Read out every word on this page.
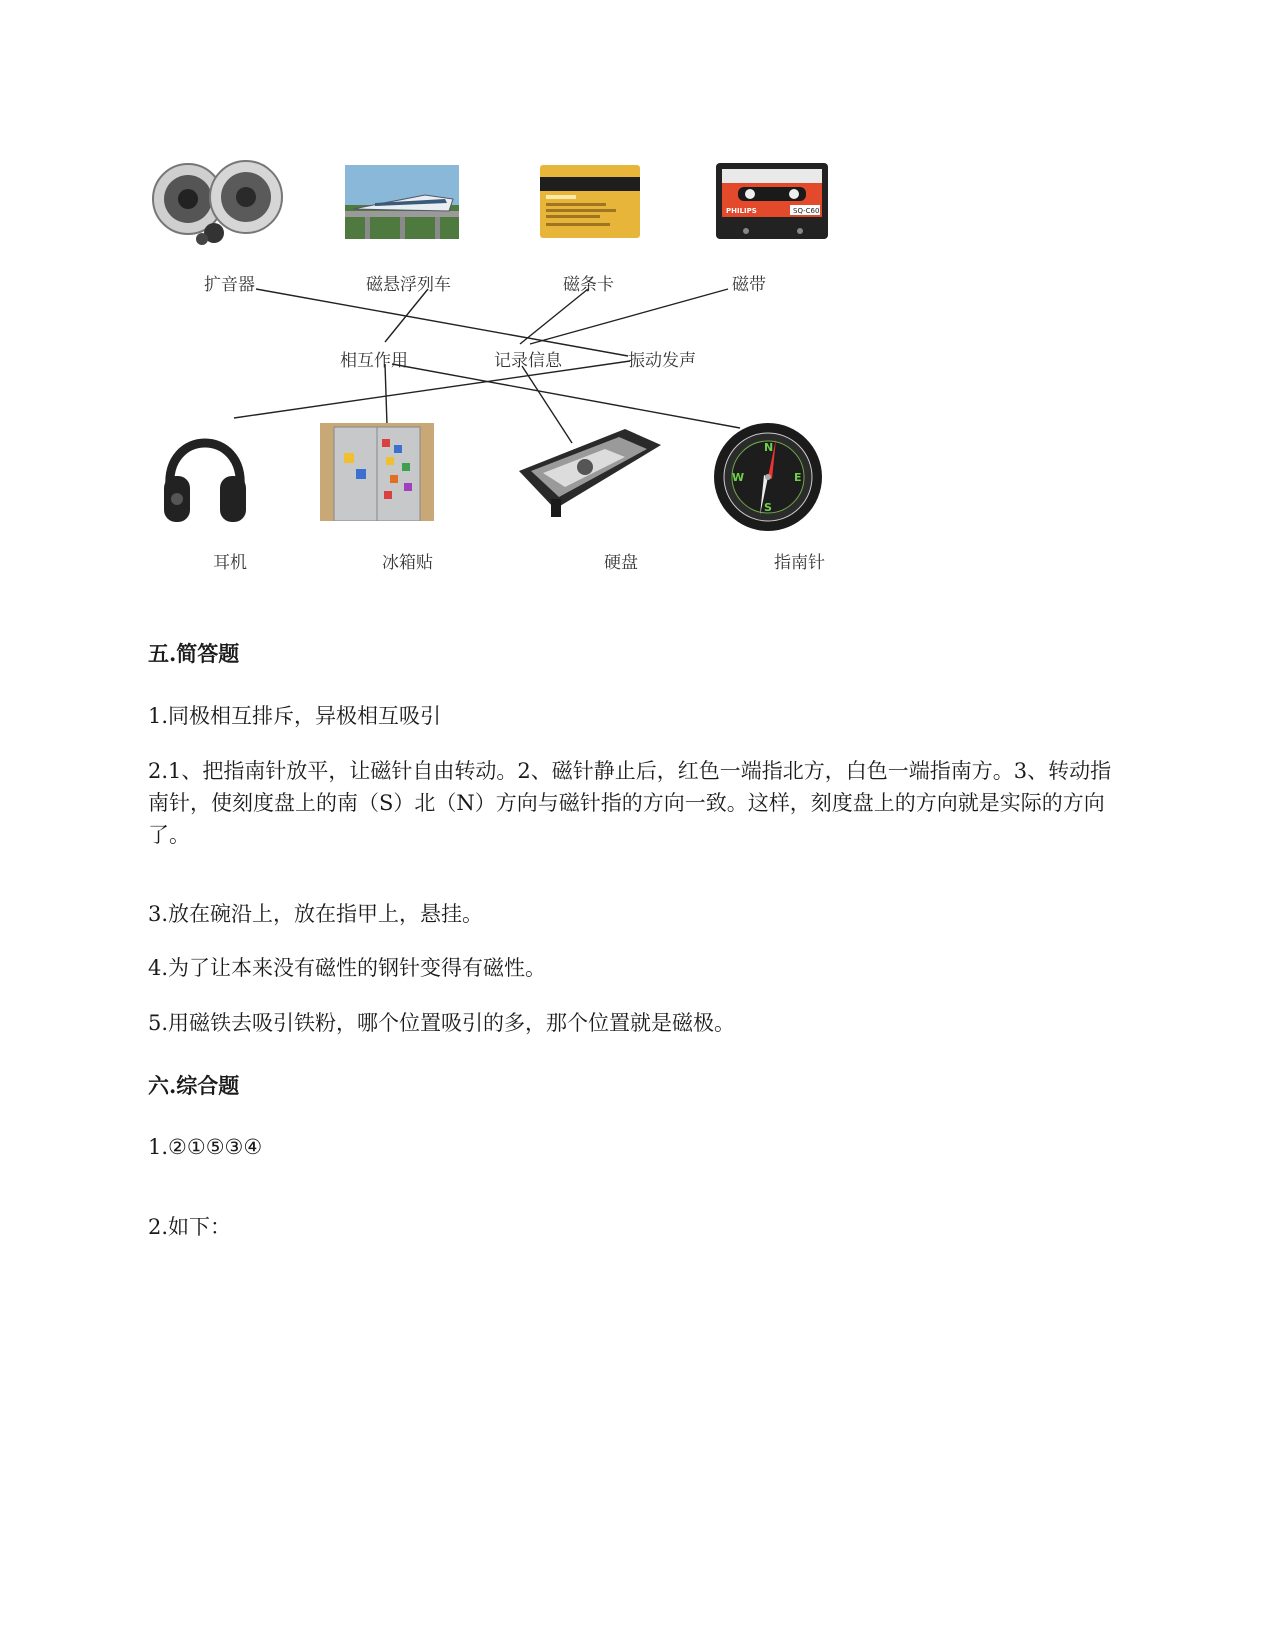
PHILIPS	SQ-C60
扩音器	磁悬浮列车	磁条卡	磁带
相互作用	记录信息	振动发声
N
E
S
W
耳机	冰箱贴	硬盘	指南针
五.简答题
1.同极相互排斥，异极相互吸引
2.1、把指南针放平，让磁针自由转动。2、磁针静止后，红色一端指北方，白色一端指南方。3、转动指南针，使刻度盘上的南（S）北（N）方向与磁针指的方向一致。这样，刻度盘上的方向就是实际的方向了。
3.放在碗沿上，放在指甲上，悬挂。
4.为了让本来没有磁性的钢针变得有磁性。
5.用磁铁去吸引铁粉，哪个位置吸引的多，那个位置就是磁极。
六.综合题
1.②①⑤③④
2.如下：
